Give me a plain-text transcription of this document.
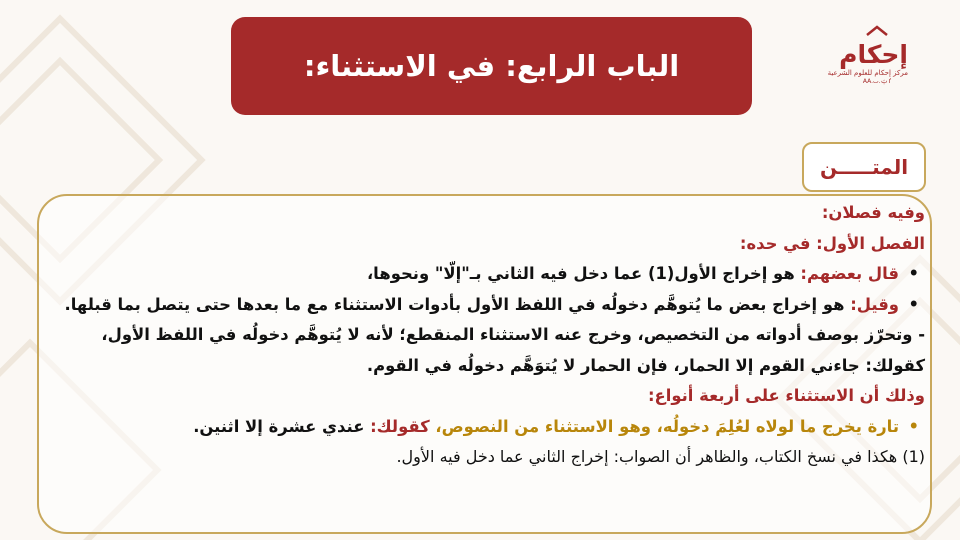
الباب الرابع: في الاستثناء:	إحكام
مركز إحكام للعلوم الشرعية
AA.ٵࢶ.ٮ
المتـــــن

وفيه فصلان:

الفصل الأول: في حده:

• قال بعضهم: هو إخراج الأول(1) عما دخل فيه الثاني بـ"إلّا" ونحوها،

• وقيل: هو إخراج بعض ما يُتوهَّم دخولُه في اللفظ الأول بأدوات الاستثناء مع ما بعدها حتى يتصل بما قبلها.

- وتحرّز بوصف أدواته من التخصيص، وخرج عنه الاستثناء المنقطع؛ لأنه لا يُتوهَّم دخولُه في اللفظ الأول، كقولك: جاءني القوم إلا الحمار، فإن الحمار لا يُتوَهَّم دخولُه في القوم.

وذلك أن الاستثناء على أربعة أنواع:

• تارة يخرج ما لولاه لعُلِمَ دخولُه، وهو الاستثناء من النصوص، كقولك: عندي عشرة إلا اثنين.

(1) هكذا في نسخ الكتاب، والظاهر أن الصواب: إخراج الثاني عما دخل فيه الأول.
